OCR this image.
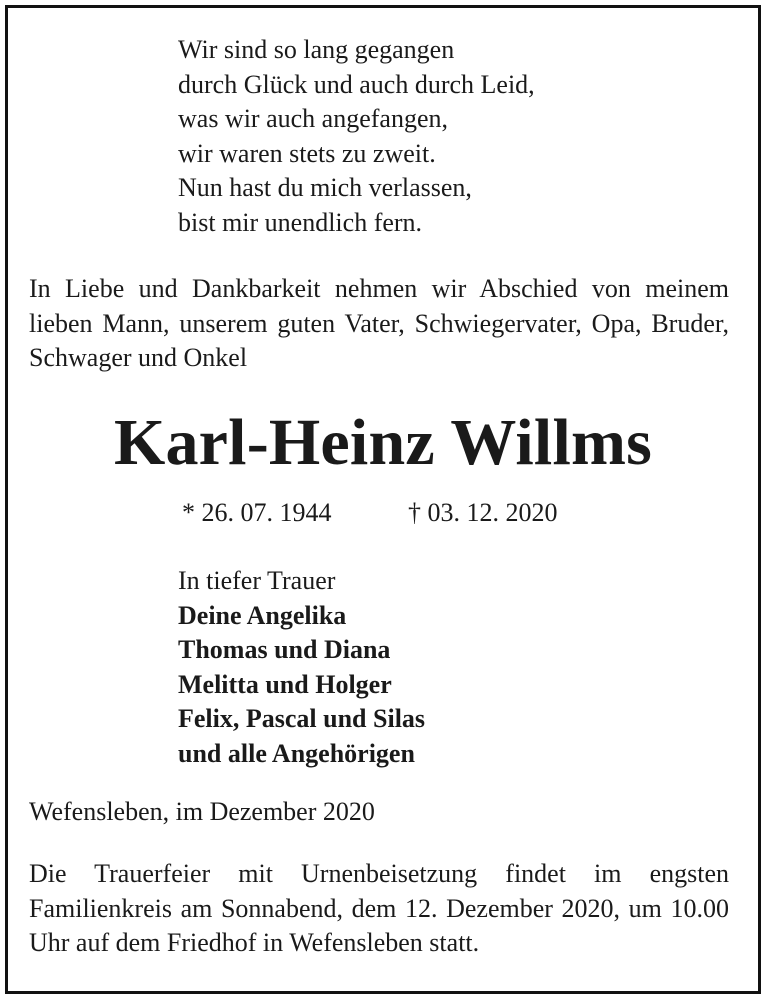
Wir sind so lang gegangen
durch Glück und auch durch Leid,
was wir auch angefangen,
wir waren stets zu zweit.
Nun hast du mich verlassen,
bist mir unendlich fern.

In Liebe und Dankbarkeit nehmen wir Abschied von meinem lieben Mann, unserem guten Vater, Schwiegervater, Opa, Bruder, Schwager und Onkel

Karl-Heinz Willms
* 26. 07. 1944	† 03. 12. 2020
In tiefer Trauer
Deine Angelika
Thomas und Diana
Melitta und Holger
Felix, Pascal und Silas
und alle Angehörigen
Wefensleben, im Dezember 2020

Die Trauerfeier mit Urnenbeisetzung findet im engsten Familienkreis am Sonnabend, dem 12. Dezember 2020, um 10.00 Uhr auf dem Friedhof in Wefensleben statt.
